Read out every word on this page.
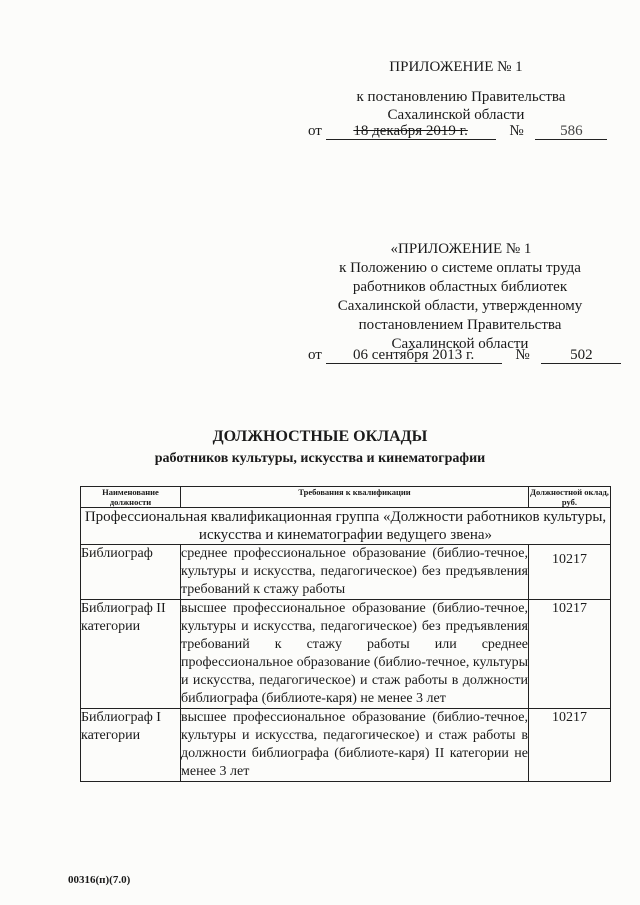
ПРИЛОЖЕНИЕ № 1
к постановлению Правительства
Сахалинской области
от 18 декабря 2019 г.	№ 586
«ПРИЛОЖЕНИЕ № 1
к Положению о системе оплаты труда
работников областных библиотек
Сахалинской области, утвержденному
постановлением Правительства
Сахалинской области
от 06 сентября 2013 г.	№	502
ДОЛЖНОСТНЫЕ ОКЛАДЫ
работников культуры, искусства и кинематографии
Наименование должности	Требования к квалификации	Должностной оклад, руб.
Профессиональная квалификационная группа «Должности работников культуры, искусства и кинематографии ведущего звена»		
Библиограф	среднее профессиональное образование (библио-течное, культуры и искусства, педагогическое) без предъявления требований к стажу работы	10217
Библиограф II категории	высшее профессиональное образование (библио-течное, культуры и искусства, педагогическое) без предъявления требований к стажу работы или среднее профессиональное образование (библио-течное, культуры и искусства, педагогическое) и стаж работы в должности библиографа (библиоте-каря) не менее 3 лет	10217
Библиограф I категории	высшее профессиональное образование (библио-течное, культуры и искусства, педагогическое) и стаж работы в должности библиографа (библиоте-каря) II категории не менее 3 лет	10217
00316(п)(7.0)
